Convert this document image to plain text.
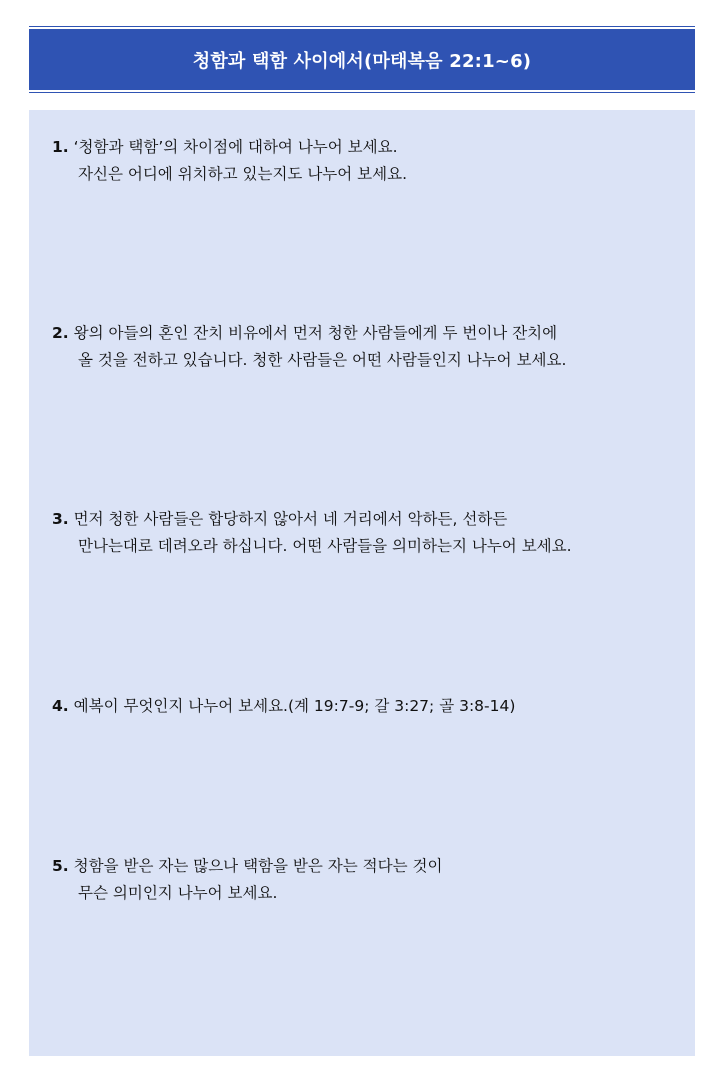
청함과 택함 사이에서(마태복음 22:1~6)
1. ‘청함과 택함’의 차이점에 대하여 나누어 보세요.
자신은 어디에 위치하고 있는지도 나누어 보세요.
2. 왕의 아들의 혼인 잔치 비유에서 먼저 청한 사람들에게 두 번이나 잔치에
올 것을 전하고 있습니다. 청한 사람들은 어떤 사람들인지 나누어 보세요.
3. 먼저 청한 사람들은 합당하지 않아서 네 거리에서 악하든, 선하든
만나는대로 데려오라 하십니다. 어떤 사람들을 의미하는지 나누어 보세요.
4. 예복이 무엇인지 나누어 보세요.(계 19:7-9; 갈 3:27; 골 3:8-14)
5. 청함을 받은 자는 많으나 택함을 받은 자는 적다는 것이
무슨 의미인지 나누어 보세요.
